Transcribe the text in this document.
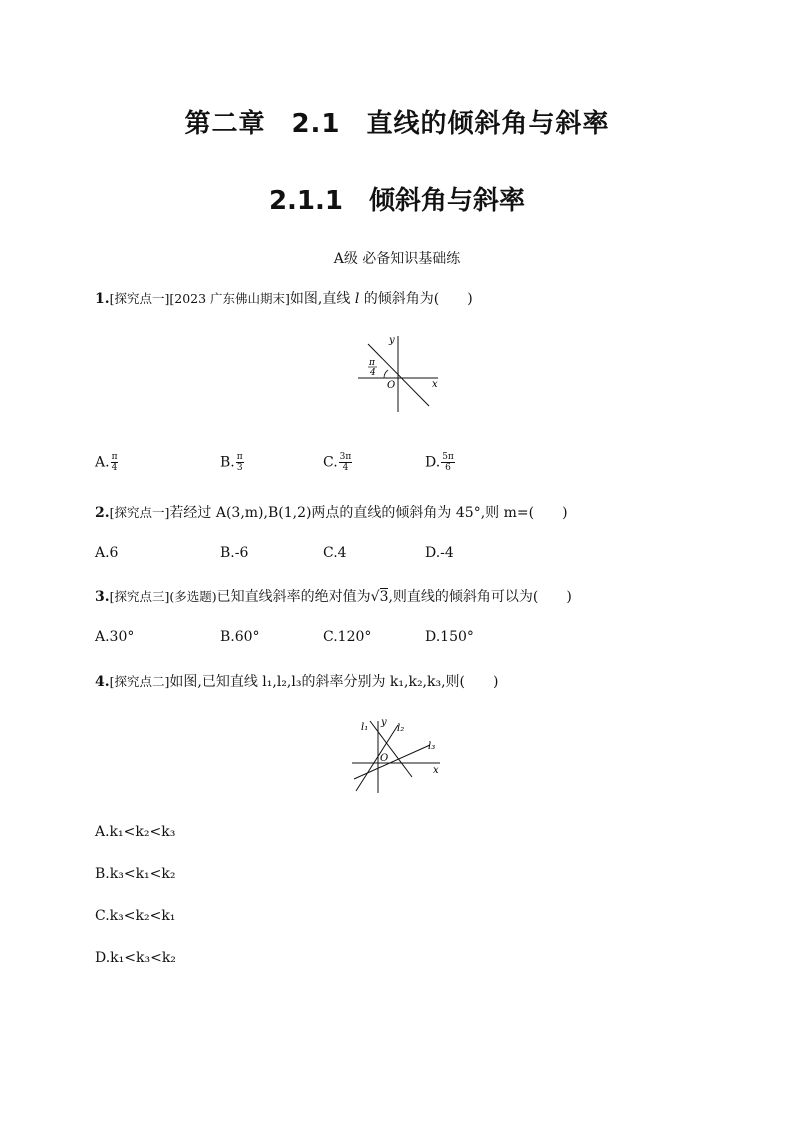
第二章 2.1 直线的倾斜角与斜率
2.1.1 倾斜角与斜率
A级 必备知识基础练
1.[探究点一][2023 广东佛山期末]如图,直线 l 的倾斜角为(　　)
y
x
O
π
4
A. $\frac{\pi}{4}$	B. $\frac{\pi}{3}$	C. $\frac{3\pi}{4}$	D. $\frac{5\pi}{6}$
2.[探究点一]若经过 A(3,m),B(1,2)两点的直线的倾斜角为 45°,则 m=(　　)
A.6	B.-6	C.4	D.-4
3.[探究点三](多选题)已知直线斜率的绝对值为√3,则直线的倾斜角可以为(　　)
A.30°	B.60°	C.120°	D.150°
4.[探究点二]如图,已知直线 l₁,l₂,l₃的斜率分别为 k₁,k₂,k₃,则(　　)
l₁ y
l₂
l₃
O
x
A.k₁<k₂<k₃
B.k₃<k₁<k₂
C.k₃<k₂<k₁
D.k₁<k₃<k₂
